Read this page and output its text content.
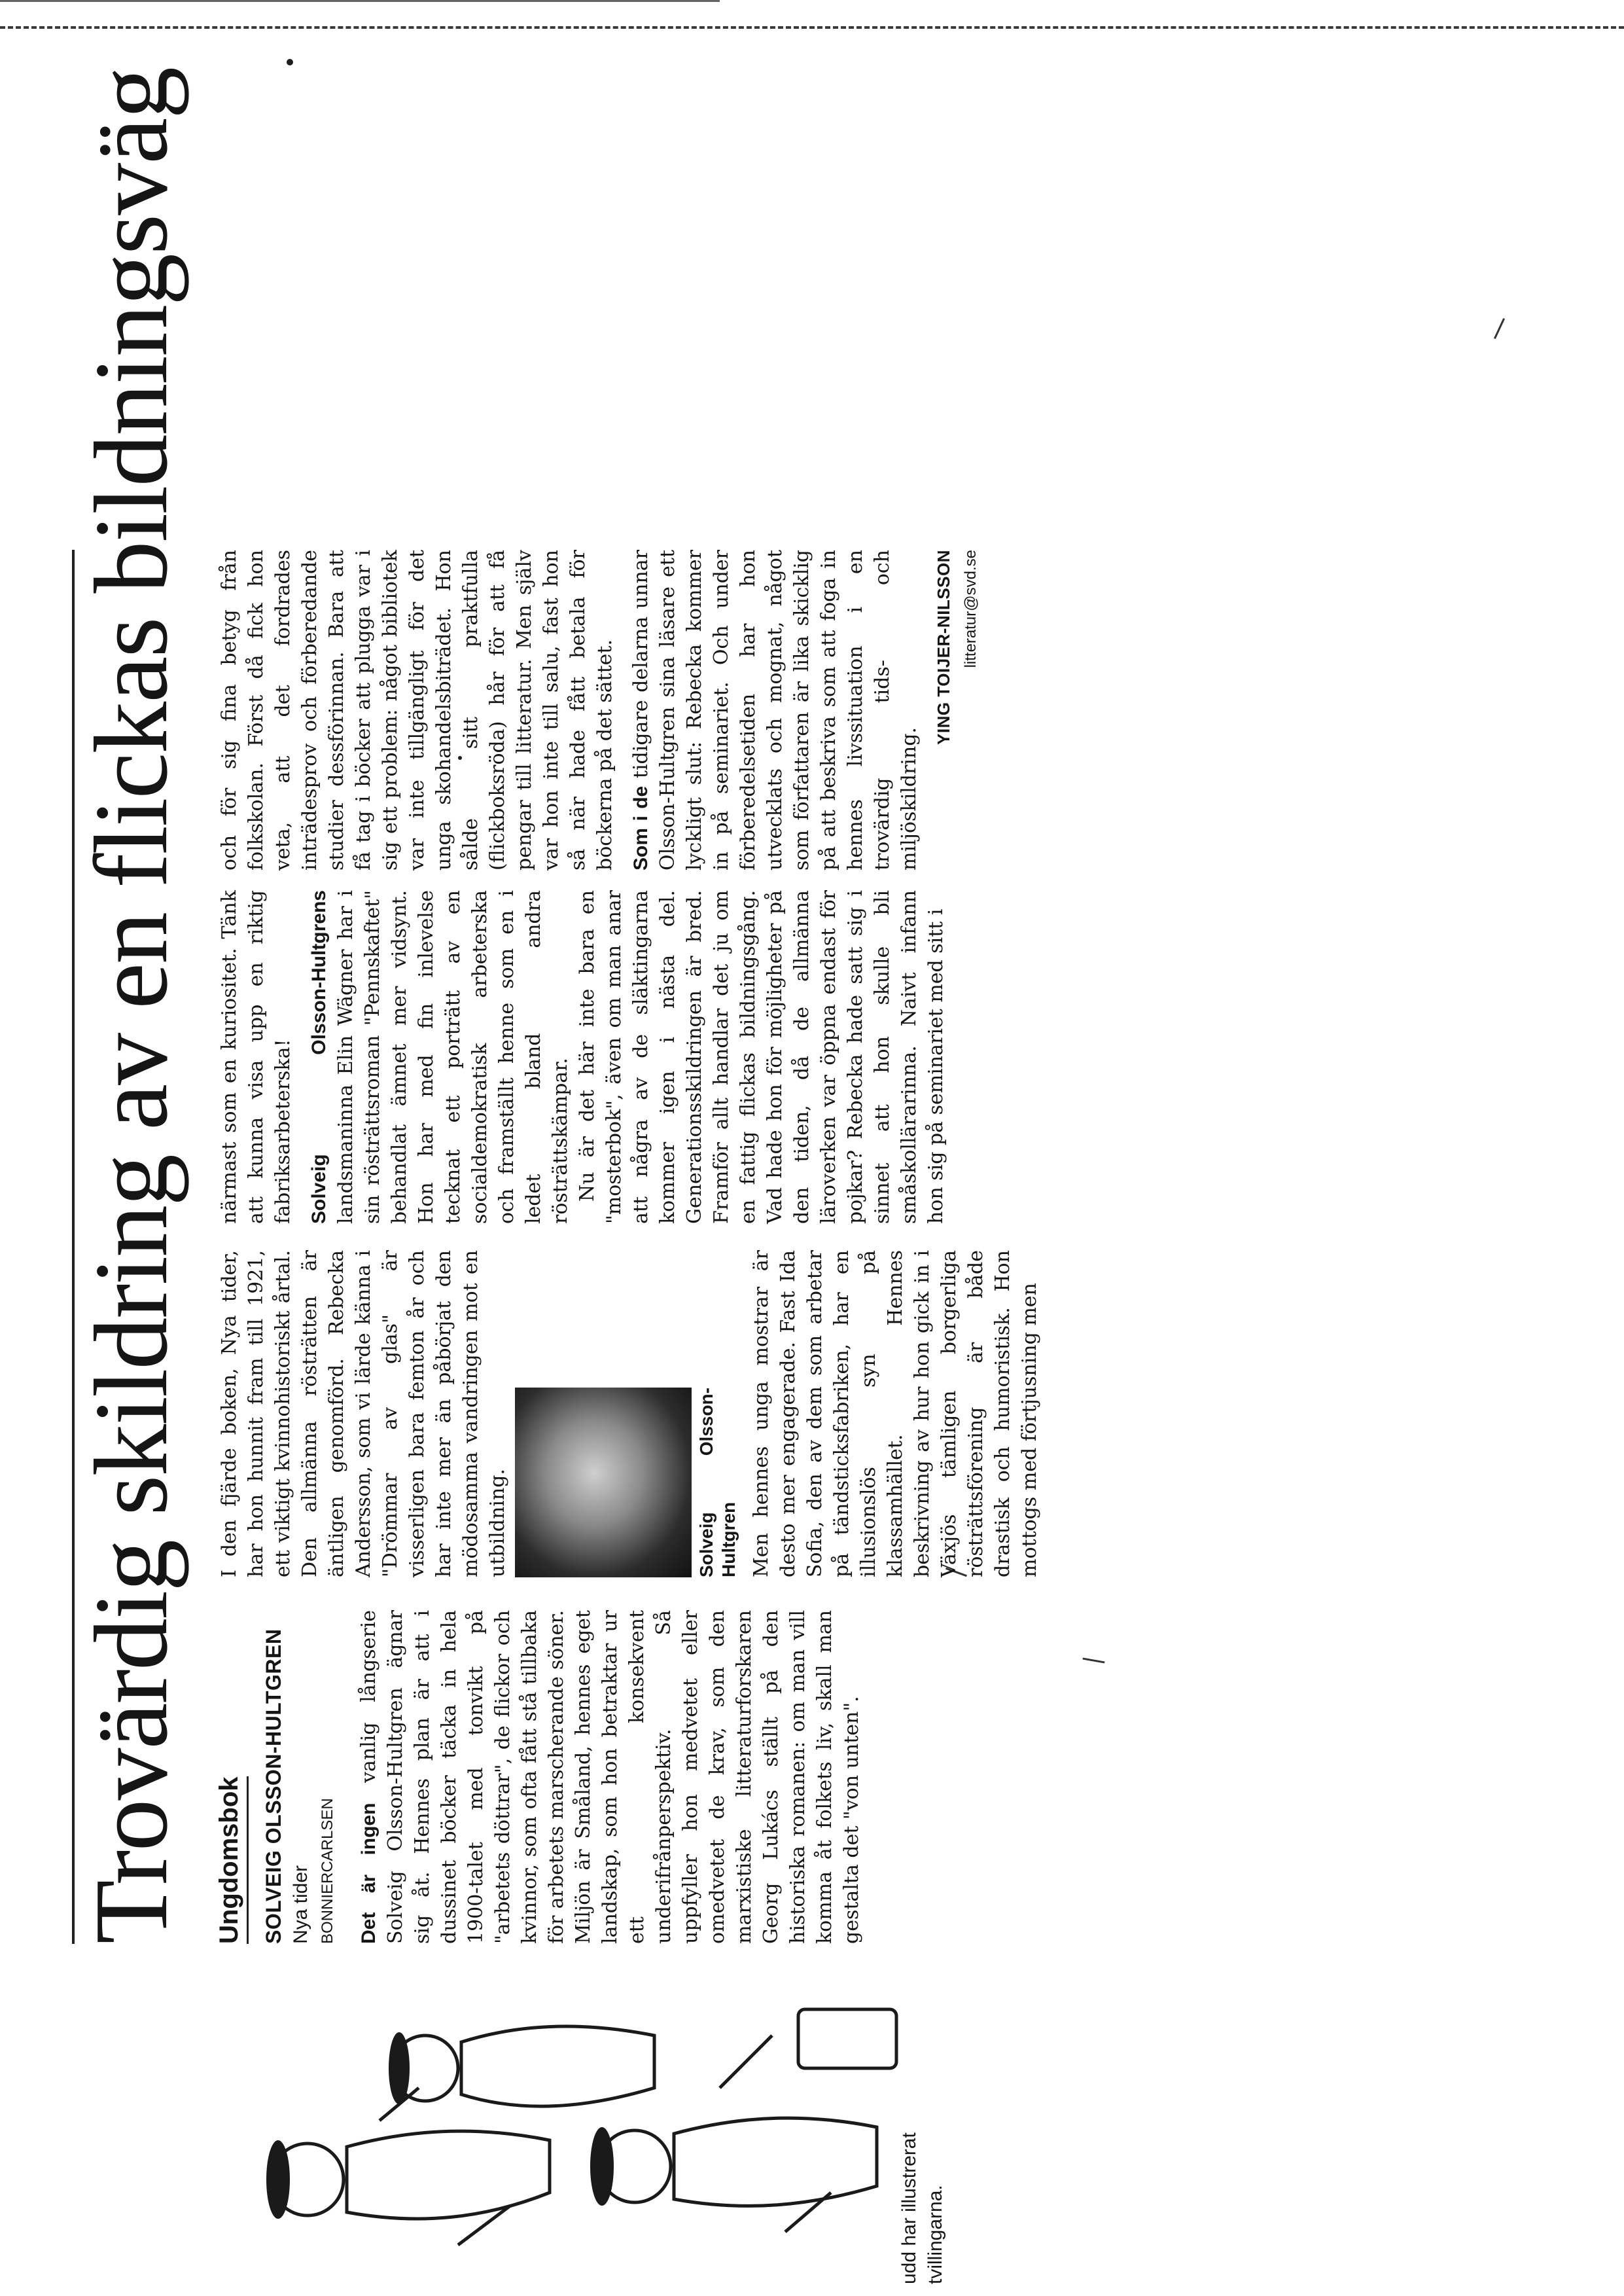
Trovärdig skildring av en flickas bildningsväg
udd har illustrerat
tvillingarna.
Ungdomsbok SOLVEIG OLSSON-HULTGREN Nya tider BONNIERCARLSEN Det är ingen vanlig långserie Solveig Olsson-Hultgren ägnar sig åt. Hennes plan är att i dussinet böcker täcka in hela 1900-talet med tonvikt på "arbetets döttrar", de flickor och kvinnor, som ofta fått stå tillbaka för arbetets marscherande söner. Miljön är Småland, hennes eget landskap, som hon betraktar ur ett konsekvent underifrånperspektiv. Så uppfyller hon medvetet eller omedvetet de krav, som den marxistiske litteraturforskaren Georg Lukács ställt på den historiska romanen: om man vill komma åt folkets liv, skall man gestalta det "von unten".

I den fjärde boken, Nya tider, har hon hunnit fram till 1921, ett viktigt kvinnohistoriskt årtal. Den allmänna rösträtten är äntligen genomförd. Rebecka Andersson, som vi lärde känna i "Drömmar av glas" är visserligen bara femton år och har inte mer än påbörjat den mödosamma vandringen mot en utbildning.	Solveig Olsson-Hultgren Men hennes unga mostrar är desto mer engagerade. Fast Ida Sofia, den av dem som arbetar på tändsticksfabriken, har en illusionslös syn på klassamhället. Hennes beskrivning av hur hon gick in i Växjös tämligen borgerliga rösträttsförening är både drastisk och humoristisk. Hon mottogs med förtjusning men

närmast som en kuriositet. Tänk att kunna visa upp en riktig fabriksarbeterska! Solveig Olsson-Hultgrens landsmaninna Elin Wägner har i sin rösträttsroman "Pennskaftet" behandlat ämnet mer vidsynt. Hon har med fin inlevelse tecknat ett porträtt av en socialdemokratisk arbeterska och framställt henne som en i ledet bland andra rösträttskämpar. Nu är det här inte bara en "mosterbok", även om man anar att några av de släktingarna kommer igen i nästa del. Generationsskildringen är bred. Framför allt handlar det ju om en fattig flickas bildningsgång. Vad hade hon för möjligheter på den tiden, då de allmänna läroverken var öppna endast för pojkar? Rebecka hade satt sig i sinnet att hon skulle bli småskollärarinna. Naivt infann hon sig på seminariet med sitt i

och för sig fina betyg från folkskolan. Först då fick hon veta, att det fordrades inträdesprov och förberedande studier dessförinnan. Bara att få tag i böcker att plugga var i sig ett problem: något bibliotek var inte tillgängligt för det unga skohandelsbiträdet. Hon sålde sitt praktfulla (flickboksröda) hår för att få pengar till litteratur. Men själv var hon inte till salu, fast hon så när hade fått betala för böckerna på det sättet. Som i de tidigare delarna unnar Olsson-Hultgren sina läsare ett lyckligt slut: Rebecka kommer in på seminariet. Och under förberedelsetiden har hon utvecklats och mognat, något som författaren är lika skicklig på att beskriva som att foga in hennes livssituation i en trovärdig tids- och miljöskildring.

YING TOIJER-NILSSON litteratur@svd.se
